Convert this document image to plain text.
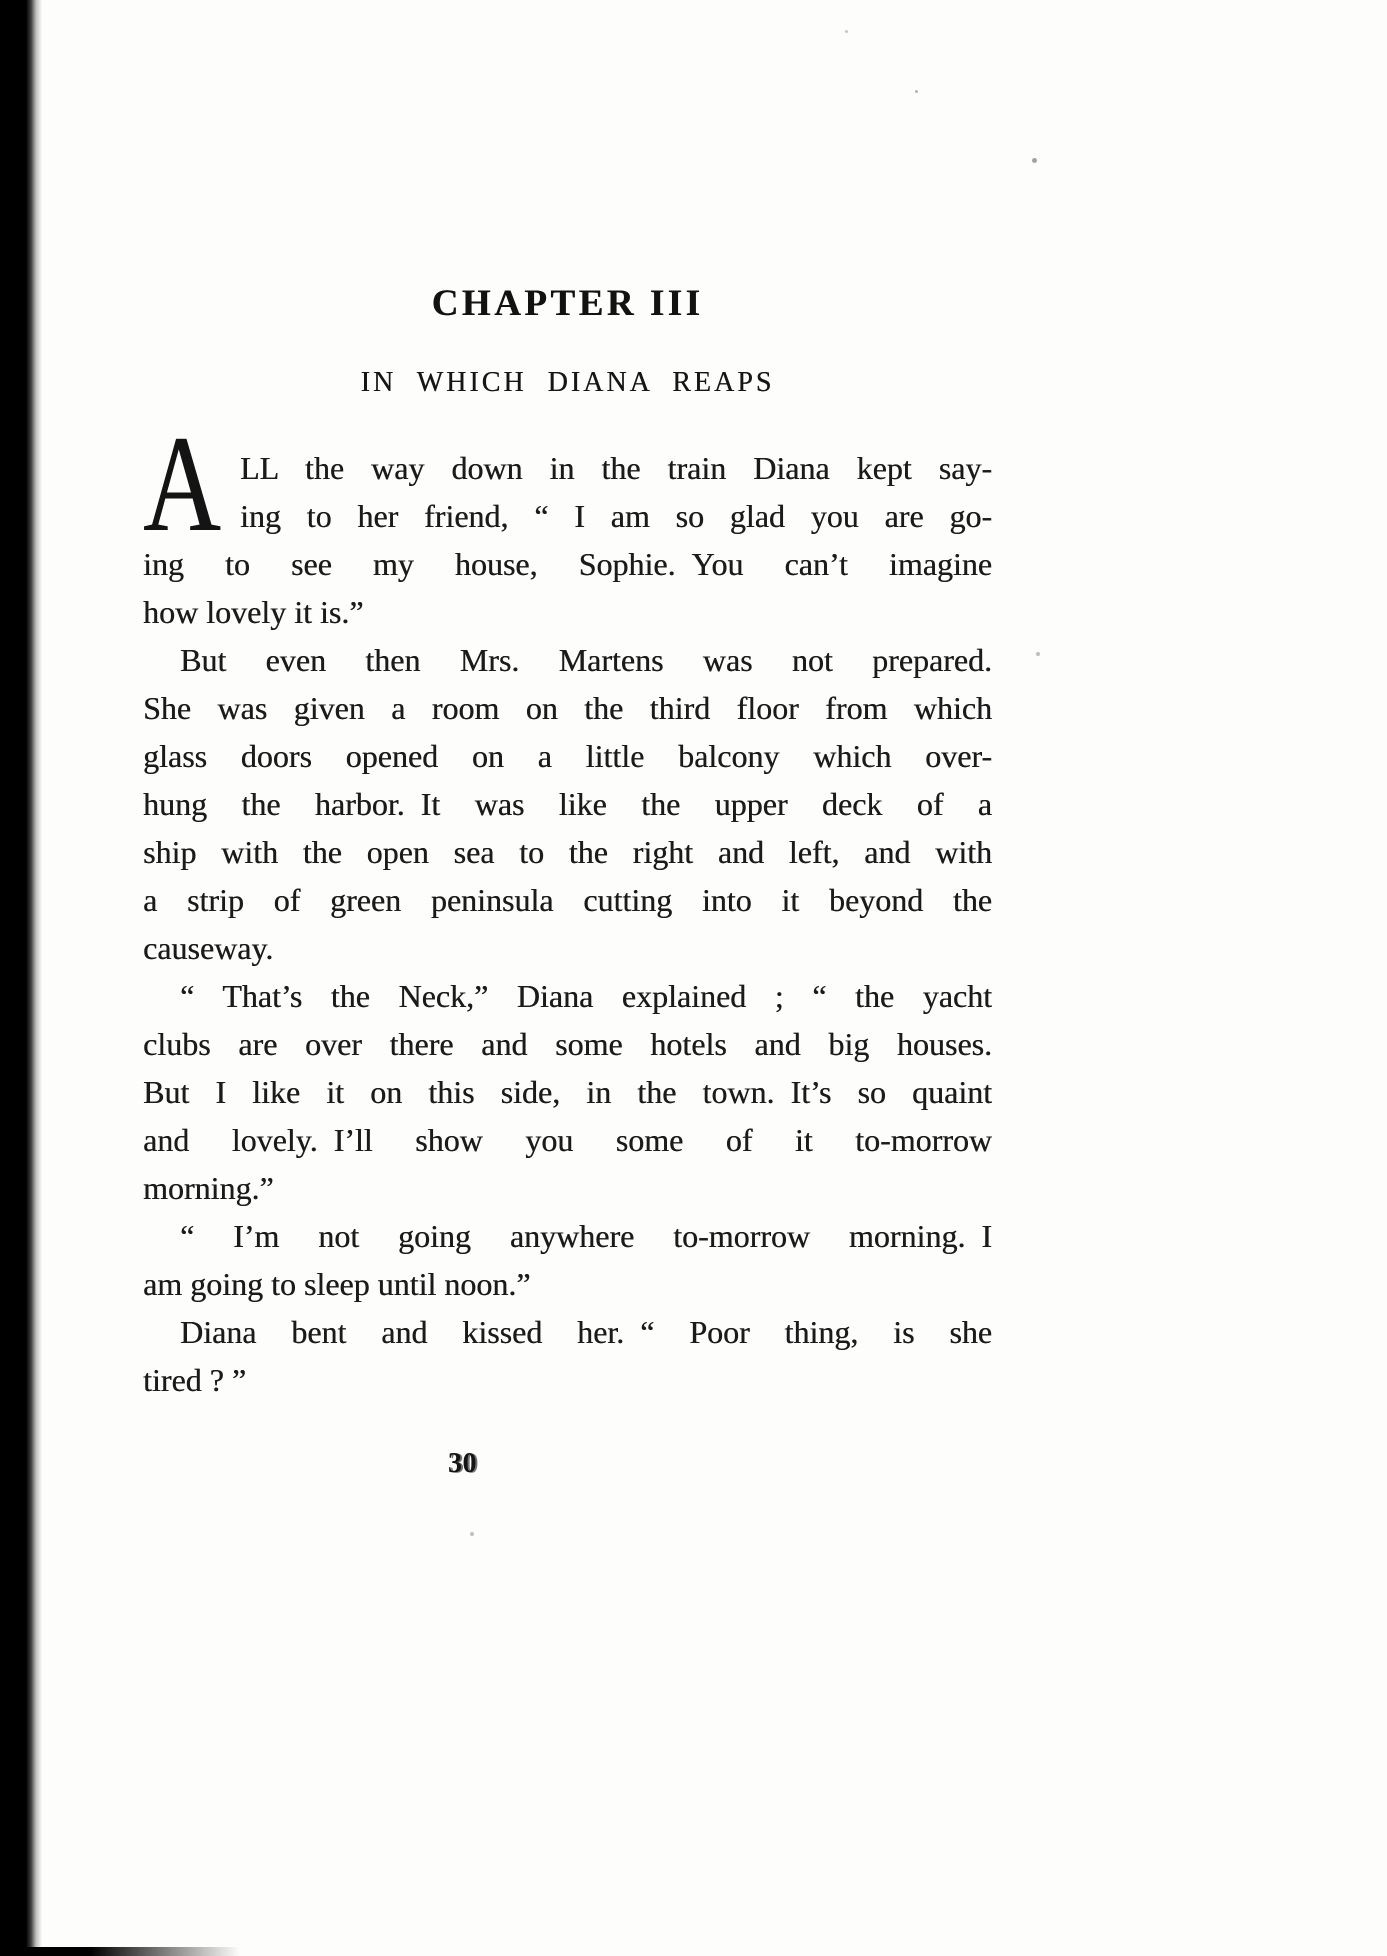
CHAPTER III
IN WHICH DIANA REAPS
A LL the way down in the train Diana kept say-
ing to her friend, “ I am so glad you are go-
ing to see my house, Sophie. You can’t imagine
how lovely it is.”
But even then Mrs. Martens was not prepared.
She was given a room on the third floor from which
glass doors opened on a little balcony which over-
hung the harbor. It was like the upper deck of a
ship with the open sea to the right and left, and with
a strip of green peninsula cutting into it beyond the
causeway.
“ That’s the Neck,” Diana explained ; “ the yacht
clubs are over there and some hotels and big houses.
But I like it on this side, in the town. It’s so quaint
and lovely. I’ll show you some of it to-morrow
morning.”
“ I’m not going anywhere to-morrow morning. I
am going to sleep until noon.”
Diana bent and kissed her. “ Poor thing, is she
tired ? ”
30
